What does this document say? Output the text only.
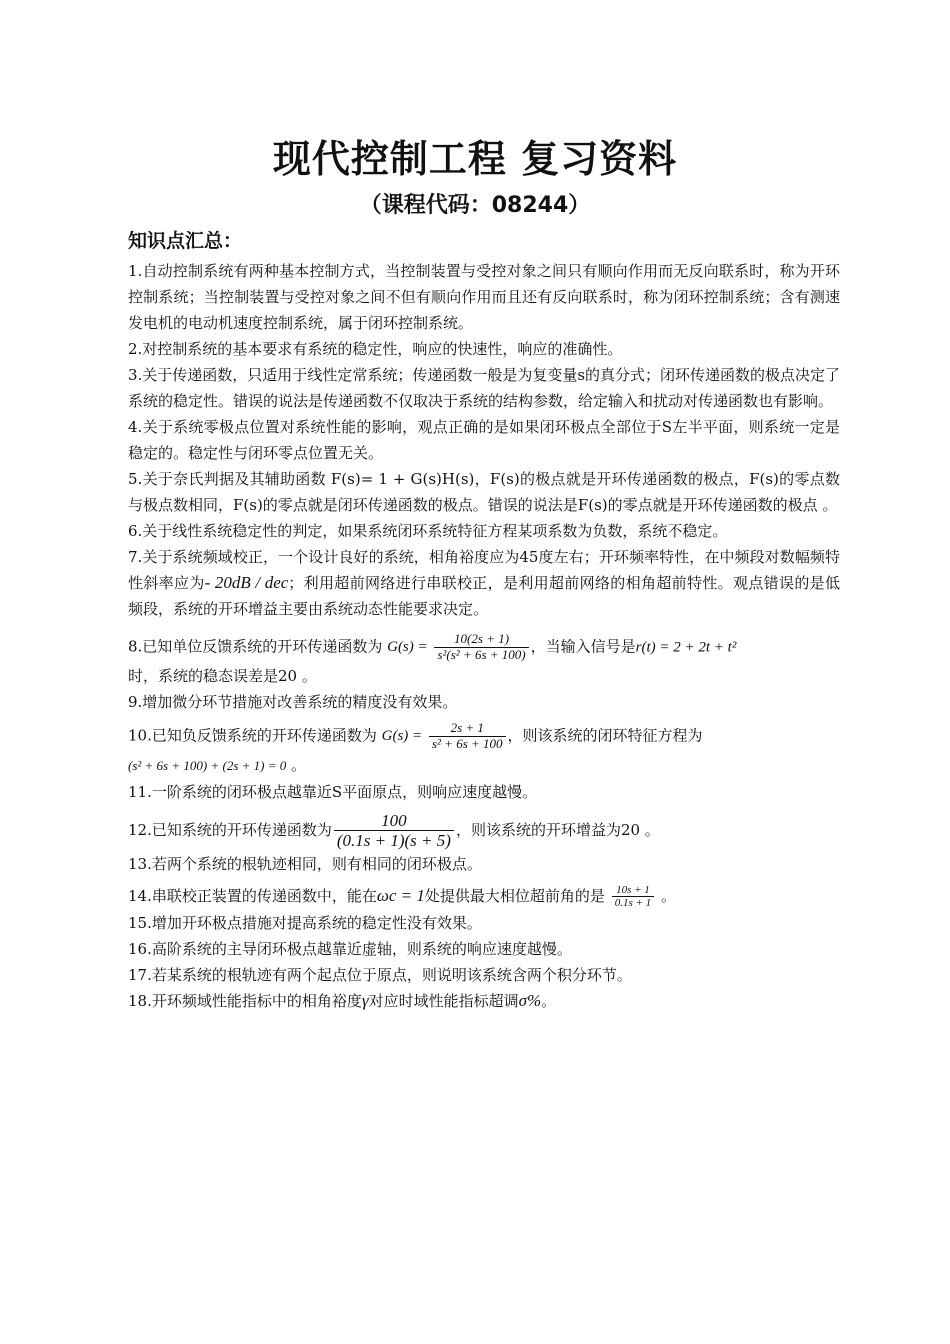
现代控制工程 复习资料
（课程代码：08244）
知识点汇总：

1.自动控制系统有两种基本控制方式，当控制装置与受控对象之间只有顺向作用而无反向联系时，称为开环控制系统；当控制装置与受控对象之间不但有顺向作用而且还有反向联系时，称为闭环控制系统；含有测速发电机的电动机速度控制系统，属于闭环控制系统。

2.对控制系统的基本要求有系统的稳定性，响应的快速性，响应的准确性。

3.关于传递函数，只适用于线性定常系统；传递函数一般是为复变量s的真分式；闭环传递函数的极点决定了系统的稳定性。错误的说法是传递函数不仅取决于系统的结构参数，给定输入和扰动对传递函数也有影响。

4.关于系统零极点位置对系统性能的影响，观点正确的是如果闭环极点全部位于S左半平面，则系统一定是稳定的。稳定性与闭环零点位置无关。

5.关于奈氏判据及其辅助函数 F(s)= 1 + G(s)H(s)，F(s)的极点就是开环传递函数的极点，F(s)的零点数与极点数相同，F(s)的零点就是闭环传递函数的极点。错误的说法是F(s)的零点就是开环传递函数的极点 。

6.关于线性系统稳定性的判定，如果系统闭环系统特征方程某项系数为负数，系统不稳定。

7.关于系统频域校正，一个设计良好的系统，相角裕度应为45度左右；开环频率特性，在中频段对数幅频特性斜率应为- 20dB / dec；利用超前网络进行串联校正，是利用超前网络的相角超前特性。观点错误的是低频段，系统的开环增益主要由系统动态性能要求决定。

8.已知单位反馈系统的开环传递函数为 $G(s) = \frac{10(2s + 1)}{\text{s²(s² + 6s + 100)}}$ ，当输入信号是r(t) = 2 + 2t + t²
时，系统的稳态误差是20 。

9.增加微分环节措施对改善系统的精度没有效果。

10.已知负反馈系统的开环传递函数为 $G(s) = \frac{2s + 1}{\text{s² + 6s + 100}}$ ，则该系统的闭环特征方程为
(s² + 6s + 100) + (2s + 1) = 0 。

11.一阶系统的闭环极点越靠近S平面原点，则响应速度越慢。

12.已知系统的开环传递函数为 $\frac{100}{(0.1s + 1)(s + 5)}$ ，则该系统的开环增益为20 。

13.若两个系统的根轨迹相同，则有相同的闭环极点。

14.串联校正装置的传递函数中，能在ωc = 1处提供最大相位超前角的是 $\frac{10s + 1}{0.1s + 1}$ 。

15.增加开环极点措施对提高系统的稳定性没有效果。

16.高阶系统的主导闭环极点越靠近虚轴，则系统的响应速度越慢。

17.若某系统的根轨迹有两个起点位于原点，则说明该系统含两个积分环节。

18.开环频域性能指标中的相角裕度γ对应时域性能指标超调σ%。
